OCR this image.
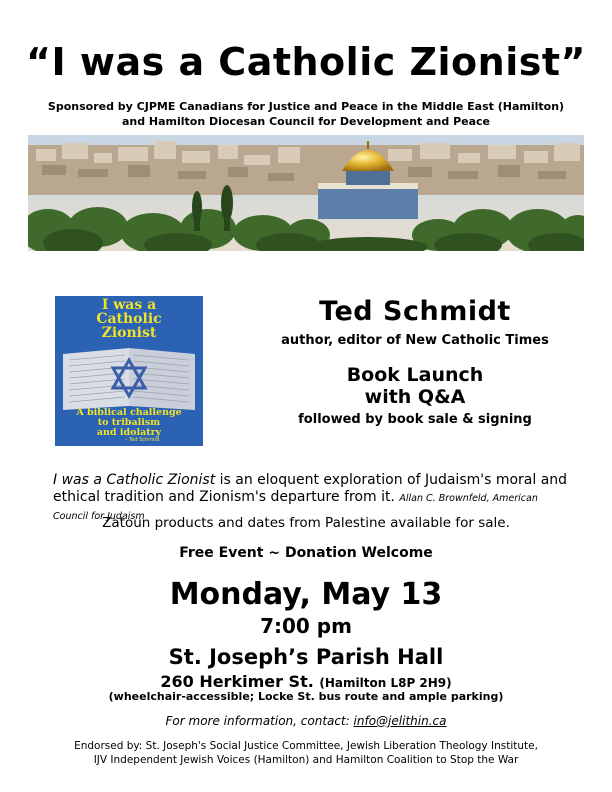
“I was a Catholic Zionist”
Sponsored by CJPME Canadians for Justice and Peace in the Middle East (Hamilton)
and Hamilton Diocesan Council for Development and Peace
I was a
Catholic
Zionist
A biblical challenge
to tribalism
and idolatry
– Ted Schmidt
Ted Schmidt
author, editor of New Catholic Times
Book Launch
with Q&A
followed by book sale & signing
I was a Catholic Zionist is an eloquent exploration of Judaism's moral and ethical tradition and Zionism's departure from it. Allan C. Brownfeld, American Council for Judaism
Zatoun products and dates from Palestine available for sale.
Free Event ~ Donation Welcome
Monday, May 13
7:00 pm
St. Joseph’s Parish Hall
260 Herkimer St. (Hamilton L8P 2H9)
(wheelchair-accessible; Locke St. bus route and ample parking)
For more information, contact: info@jelithin.ca
Endorsed by: St. Joseph's Social Justice Committee, Jewish Liberation Theology Institute,
IJV Independent Jewish Voices (Hamilton) and Hamilton Coalition to Stop the War
